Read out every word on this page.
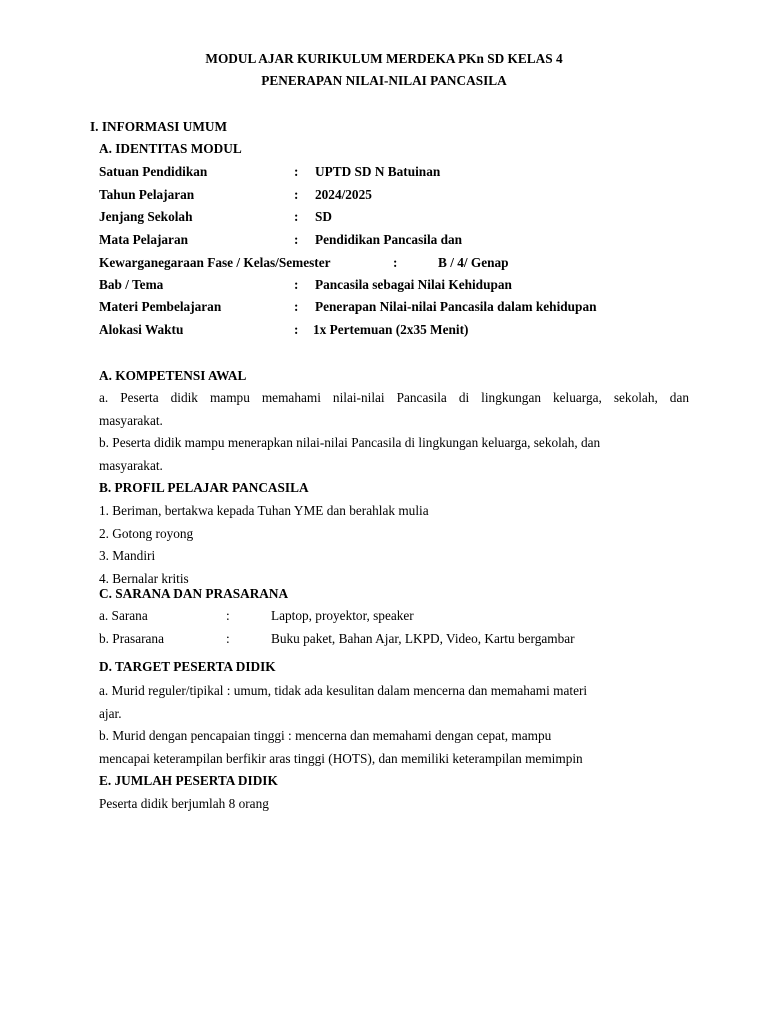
MODUL AJAR KURIKULUM MERDEKA PKn SD KELAS 4
PENERAPAN NILAI-NILAI PANCASILA
I. INFORMASI UMUM
A. IDENTITAS MODUL
Satuan Pendidikan	: UPTD SD N Batuinan
Tahun Pelajaran	: 2024/2025
Jenjang Sekolah	: SD
Mata Pelajaran	: Pendidikan Pancasila dan
Kewarganegaraan Fase / Kelas/Semester	:	B / 4/ Genap
Bab / Tema	: Pancasila sebagai Nilai Kehidupan
Materi Pembelajaran	: Penerapan Nilai-nilai Pancasila dalam kehidupan
Alokasi Waktu	: 1x Pertemuan (2x35 Menit)
A. KOMPETENSI AWAL
a. Peserta didik mampu memahami nilai-nilai Pancasila di lingkungan keluarga, sekolah, dan
masyarakat.
b. Peserta didik mampu menerapkan nilai-nilai Pancasila di lingkungan keluarga, sekolah, dan
masyarakat.
B. PROFIL PELAJAR PANCASILA
1. Beriman, bertakwa kepada Tuhan YME dan berahlak mulia
2. Gotong royong
3. Mandiri
4. Bernalar kritis
C. SARANA DAN PRASARANA
a. Sarana	:	Laptop, proyektor, speaker
b. Prasarana	:	Buku paket, Bahan Ajar, LKPD, Video, Kartu bergambar
D. TARGET PESERTA DIDIK
a. Murid reguler/tipikal : umum, tidak ada kesulitan dalam mencerna dan memahami materi
ajar.
b. Murid dengan pencapaian tinggi : mencerna dan memahami dengan cepat, mampu
mencapai keterampilan berfikir aras tinggi (HOTS), dan memiliki keterampilan memimpin
E. JUMLAH PESERTA DIDIK
Peserta didik berjumlah 8 orang
